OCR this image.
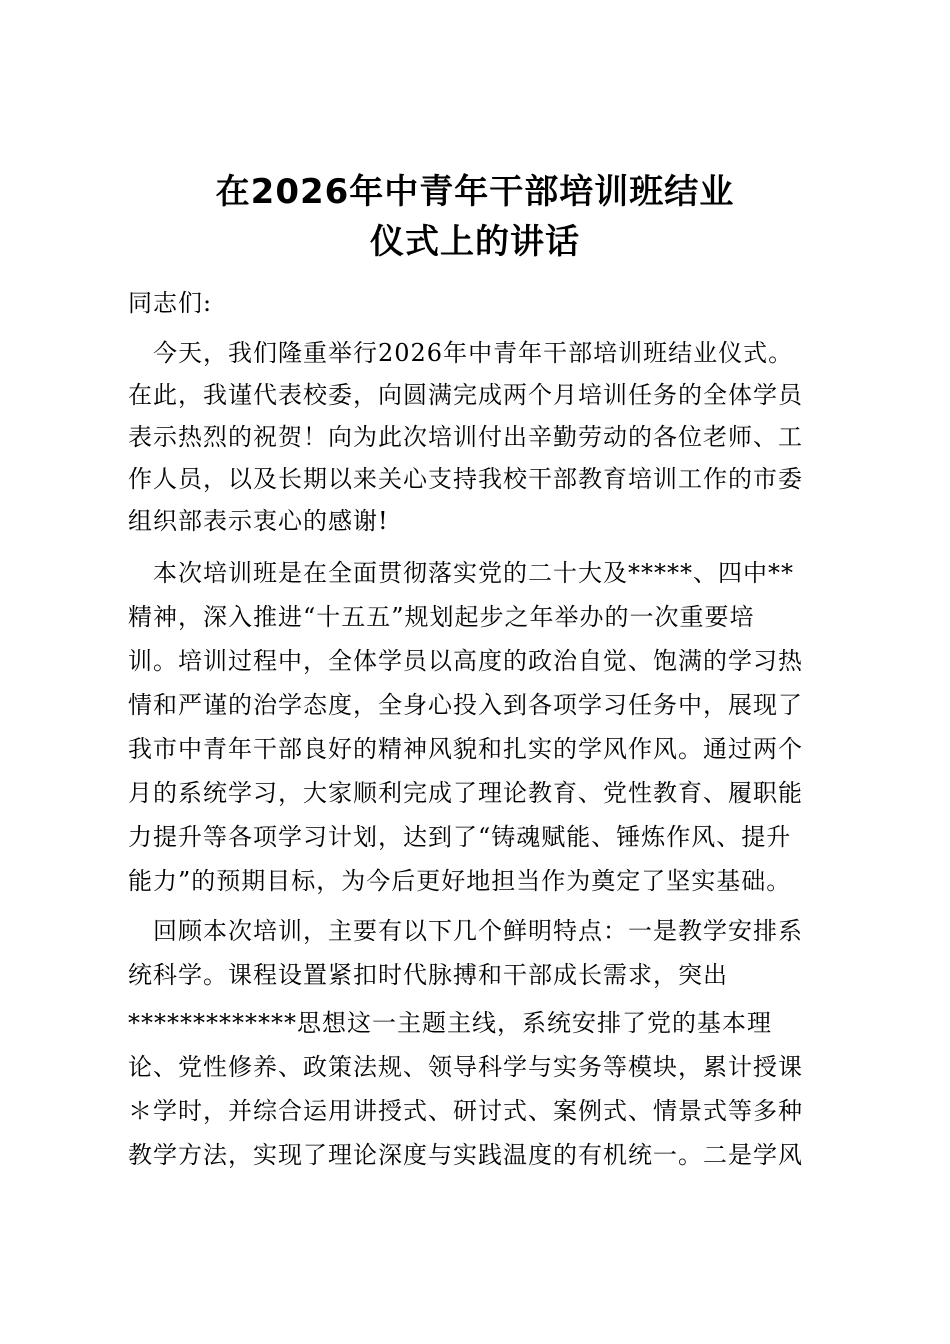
在2026年中青年干部培训班结业
仪式上的讲话
同志们:
　今天，我们隆重举行2026年中青年干部培训班结业仪式。
在此，我谨代表校委，向圆满完成两个月培训任务的全体学员
表示热烈的祝贺！向为此次培训付出辛勤劳动的各位老师、工
作人员，以及长期以来关心支持我校干部教育培训工作的市委
组织部表示衷心的感谢!
　本次培训班是在全面贯彻落实党的二十大及*****、四中**
精神，深入推进“十五五”规划起步之年举办的一次重要培
训。培训过程中，全体学员以高度的政治自觉、饱满的学习热
情和严谨的治学态度，全身心投入到各项学习任务中，展现了
我市中青年干部良好的精神风貌和扎实的学风作风。通过两个
月的系统学习，大家顺利完成了理论教育、党性教育、履职能
力提升等各项学习计划，达到了“铸魂赋能、锤炼作风、提升
能力”的预期目标，为今后更好地担当作为奠定了坚实基础。
　回顾本次培训，主要有以下几个鲜明特点：一是教学安排系
统科学。课程设置紧扣时代脉搏和干部成长需求，突出
*************思想这一主题主线，系统安排了党的基本理
论、党性修养、政策法规、领导科学与实务等模块，累计授课
＊学时，并综合运用讲授式、研讨式、案例式、情景式等多种
教学方法，实现了理论深度与实践温度的有机统一。二是学风
